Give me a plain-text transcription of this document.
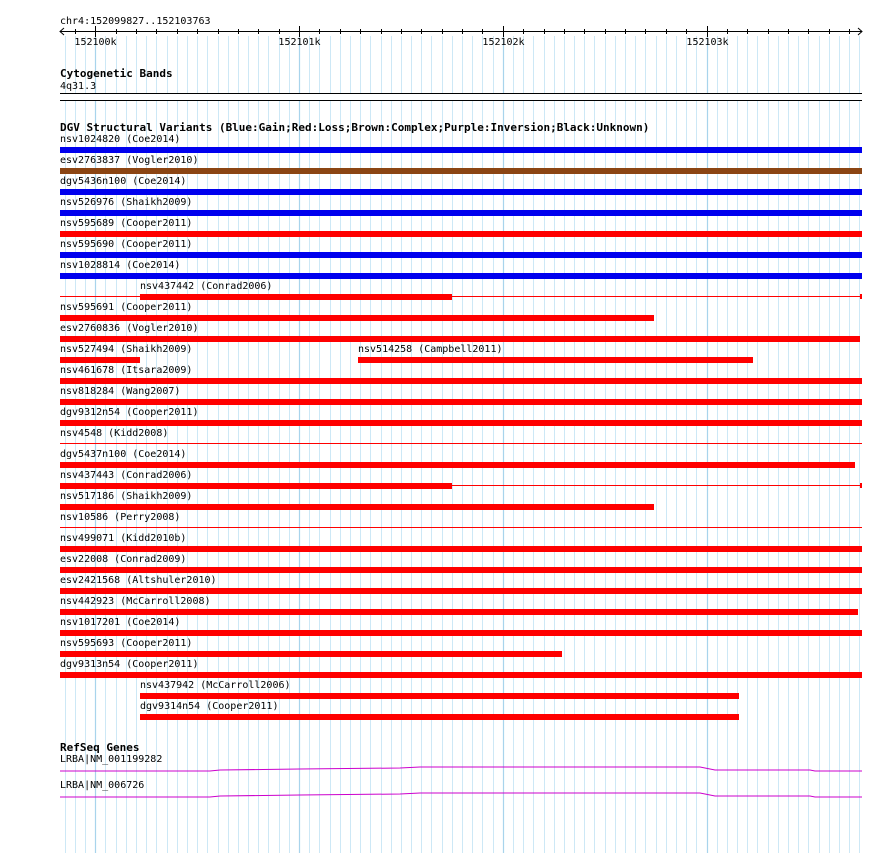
chr4:152099827..152103763
152100k	152101k	152102k	152103k
Cytogenetic Bands
4q31.3
DGV Structural Variants (Blue:Gain;Red:Loss;Brown:Complex;Purple:Inversion;Black:Unknown)
nsv1024820 (Coe2014)
esv2763837 (Vogler2010)
dgv5436n100 (Coe2014)
nsv526976 (Shaikh2009)
nsv595689 (Cooper2011)
nsv595690 (Cooper2011)
nsv1028814 (Coe2014)
nsv437442 (Conrad2006)
nsv595691 (Cooper2011)
esv2760836 (Vogler2010)
nsv527494 (Shaikh2009)	nsv514258 (Campbell2011)
nsv461678 (Itsara2009)
nsv818284 (Wang2007)
dgv9312n54 (Cooper2011)
nsv4548 (Kidd2008)
dgv5437n100 (Coe2014)
nsv437443 (Conrad2006)
nsv517186 (Shaikh2009)
nsv10586 (Perry2008)
nsv499071 (Kidd2010b)
esv22008 (Conrad2009)
esv2421568 (Altshuler2010)
nsv442923 (McCarroll2008)
nsv1017201 (Coe2014)
nsv595693 (Cooper2011)
dgv9313n54 (Cooper2011)
nsv437942 (McCarroll2006)
dgv9314n54 (Cooper2011)
RefSeq Genes
LRBA|NM_001199282
LRBA|NM_006726
